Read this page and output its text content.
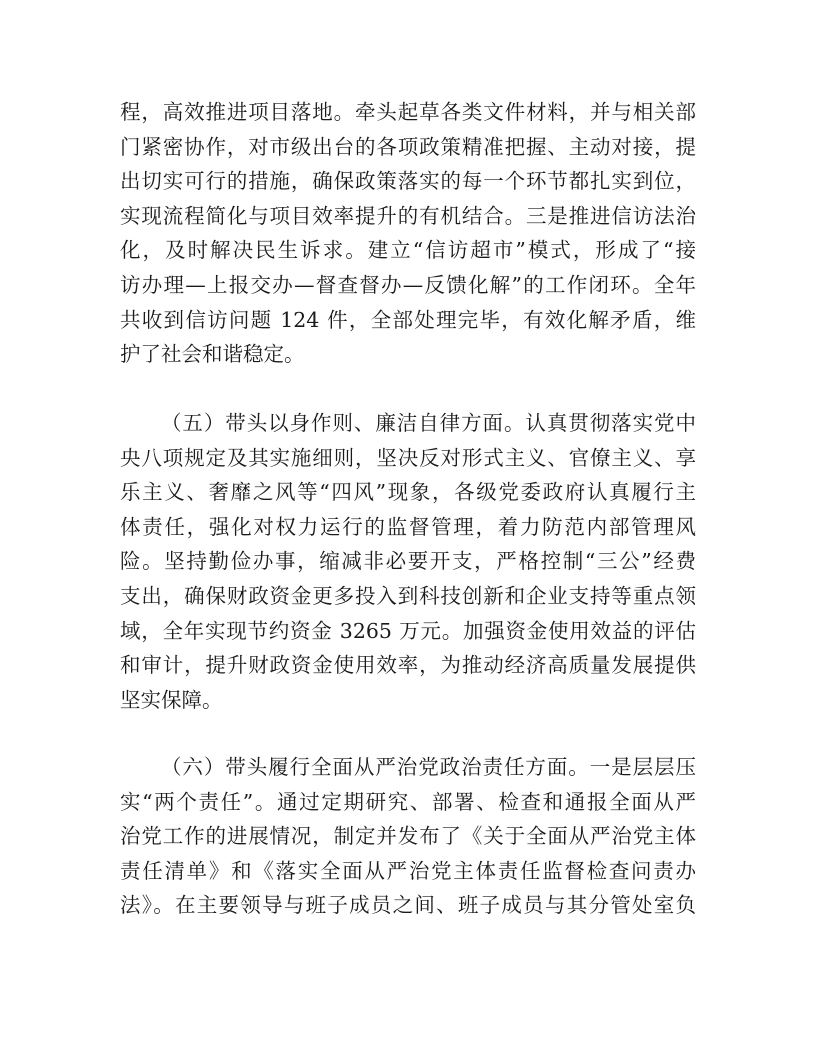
程，高效推进项目落地。牵头起草各类文件材料，并与相关部
门紧密协作，对市级出台的各项政策精准把握、主动对接，提
出切实可行的措施，确保政策落实的每一个环节都扎实到位，
实现流程简化与项目效率提升的有机结合。三是推进信访法治
化，及时解决民生诉求。建立“信访超市”模式，形成了“接
访办理—上报交办—督查督办—反馈化解”的工作闭环。全年
共收到信访问题 124 件，全部处理完毕，有效化解矛盾，维
护了社会和谐稳定。
（五）带头以身作则、廉洁自律方面。认真贯彻落实党中
央八项规定及其实施细则，坚决反对形式主义、官僚主义、享
乐主义、奢靡之风等“四风”现象，各级党委政府认真履行主
体责任，强化对权力运行的监督管理，着力防范内部管理风
险。坚持勤俭办事，缩减非必要开支，严格控制“三公”经费
支出，确保财政资金更多投入到科技创新和企业支持等重点领
域，全年实现节约资金 3265 万元。加强资金使用效益的评估
和审计，提升财政资金使用效率，为推动经济高质量发展提供
坚实保障。
（六）带头履行全面从严治党政治责任方面。一是层层压
实“两个责任”。通过定期研究、部署、检查和通报全面从严
治党工作的进展情况，制定并发布了《关于全面从严治党主体
责任清单》和《落实全面从严治党主体责任监督检查问责办
法》。在主要领导与班子成员之间、班子成员与其分管处室负
